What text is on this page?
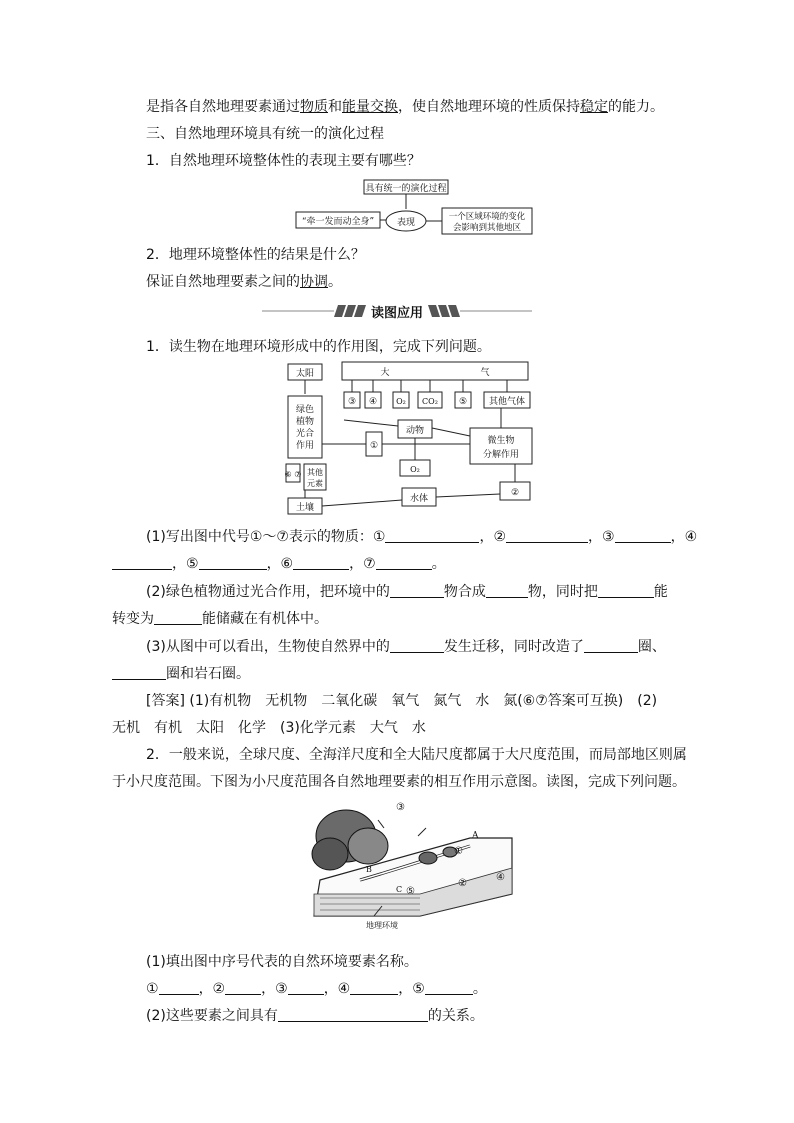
是指各自然地理要素通过物质和能量交换，使自然地理环境的性质保持稳定的能力。
三、自然地理环境具有统一的演化过程
1．自然地理环境整体性的表现主要有哪些？
具有统一的演化过程
表现
“牵一发而动全身”	一个区域环境的变化
会影响到其他地区
2．地理环境整体性的结果是什么？
保证自然地理要素之间的协调。
读图应用
1．读生物在地理环境形成中的作用图，完成下列问题。
太阳	大	气
③ ④ O₂ CO₂ ⑤ 其他气体
绿色
植物
光合
作用	①
动物
微生物
分解作用
O₂
⑥ ⑦ 其他
元素
②
水体
土壤
(1)写出图中代号①～⑦表示的物质：①	，②	，③	，④
，⑤	，⑥	，⑦	。
(2)绿色植物通过光合作用，把环境中的	物合成	物，同时把	能
转变为	能储藏在有机体中。
(3)从图中可以看出，生物使自然界中的	发生迁移，同时改造了	圈、
圈和岩石圈。
[答案] (1)有机物　无机物　二氧化碳　氧气　氮气　水　氮(⑥⑦答案可互换)　(2)
无机　有机　太阳　化学　(3)化学元素　大气　水
2．一般来说，全球尺度、全海洋尺度和全大陆尺度都属于大尺度范围，而局部地区则属
于小尺度范围。下图为小尺度范围各自然地理要素的相互作用示意图。读图，完成下列问题。
③
①
A
B
C
②
④
⑤
地理环境
(1)填出图中序号代表的自然环境要素名称。
①	，②	，③	，④	，⑤	。
(2)这些要素之间具有	的关系。
